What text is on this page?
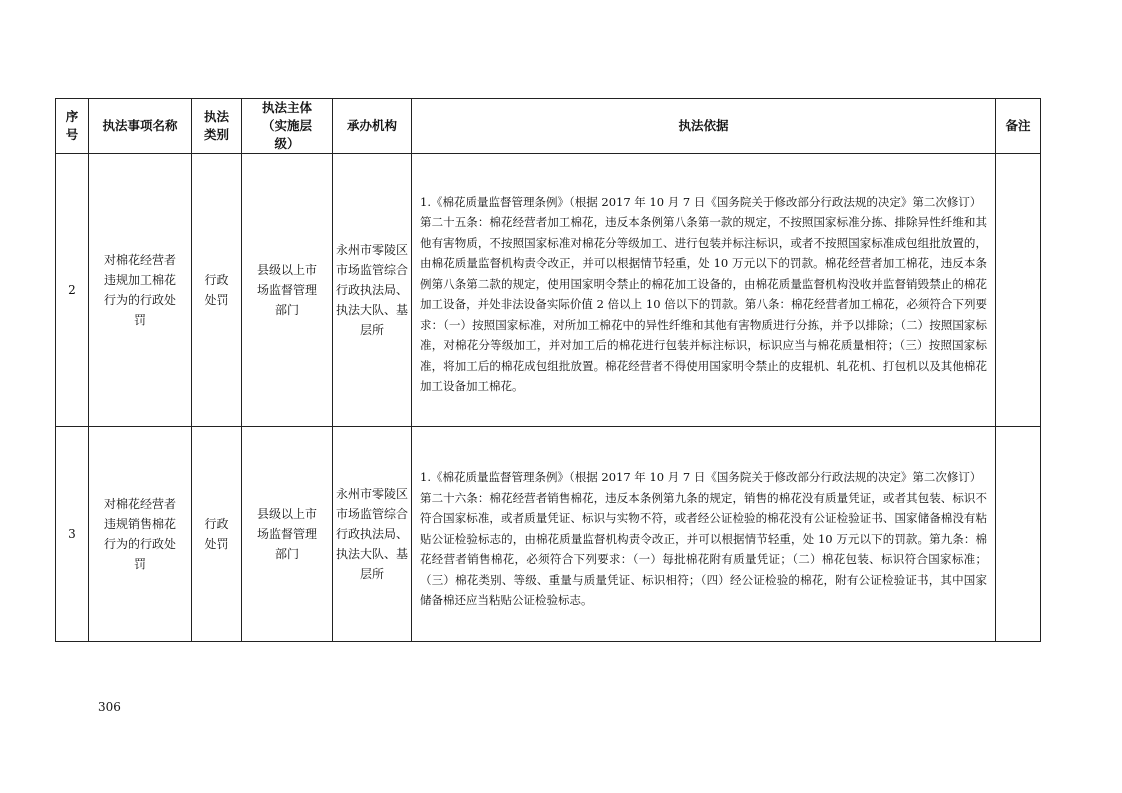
序号	执法事项名称	执法类别	执法主体（实施层级）	承办机构	执法依据	备注

2	对棉花经营者违规加工棉花行为的行政处罚	行政处罚	县级以上市场监督管理部门	永州市零陵区市场监管综合行政执法局、执法大队、基层所	1.《棉花质量监督管理条例》（根据 2017 年 10 月 7 日《国务院关于修改部分行政法规的决定》第二次修订）

第二十五条：棉花经营者加工棉花，违反本条例第八条第一款的规定，不按照国家标准分拣、排除异性纤维和其他有害物质，不按照国家标准对棉花分等级加工、进行包装并标注标识，或者不按照国家标准成包组批放置的，由棉花质量监督机构责令改正，并可以根据情节轻重，处 10 万元以下的罚款。棉花经营者加工棉花，违反本条例第八条第二款的规定，使用国家明令禁止的棉花加工设备的，由棉花质量监督机构没收并监督销毁禁止的棉花加工设备，并处非法设备实际价值 2 倍以上 10 倍以下的罚款。第八条：棉花经营者加工棉花，必须符合下列要求：（一）按照国家标准，对所加工棉花中的异性纤维和其他有害物质进行分拣，并予以排除；（二）按照国家标准，对棉花分等级加工，并对加工后的棉花进行包装并标注标识，标识应当与棉花质量相符；（三）按照国家标准，将加工后的棉花成包组批放置。棉花经营者不得使用国家明令禁止的皮辊机、轧花机、打包机以及其他棉花加工设备加工棉花。	

3	对棉花经营者违规销售棉花行为的行政处罚	行政处罚	县级以上市场监督管理部门	永州市零陵区市场监管综合行政执法局、执法大队、基层所	1.《棉花质量监督管理条例》（根据 2017 年 10 月 7 日《国务院关于修改部分行政法规的决定》第二次修订）

第二十六条：棉花经营者销售棉花，违反本条例第九条的规定，销售的棉花没有质量凭证，或者其包装、标识不符合国家标准，或者质量凭证、标识与实物不符，或者经公证检验的棉花没有公证检验证书、国家储备棉没有粘贴公证检验标志的，由棉花质量监督机构责令改正，并可以根据情节轻重，处 10 万元以下的罚款。第九条：棉花经营者销售棉花，必须符合下列要求：（一）每批棉花附有质量凭证；（二）棉花包装、标识符合国家标准；（三）棉花类别、等级、重量与质量凭证、标识相符；（四）经公证检验的棉花，附有公证检验证书，其中国家储备棉还应当粘贴公证检验标志。	

306
